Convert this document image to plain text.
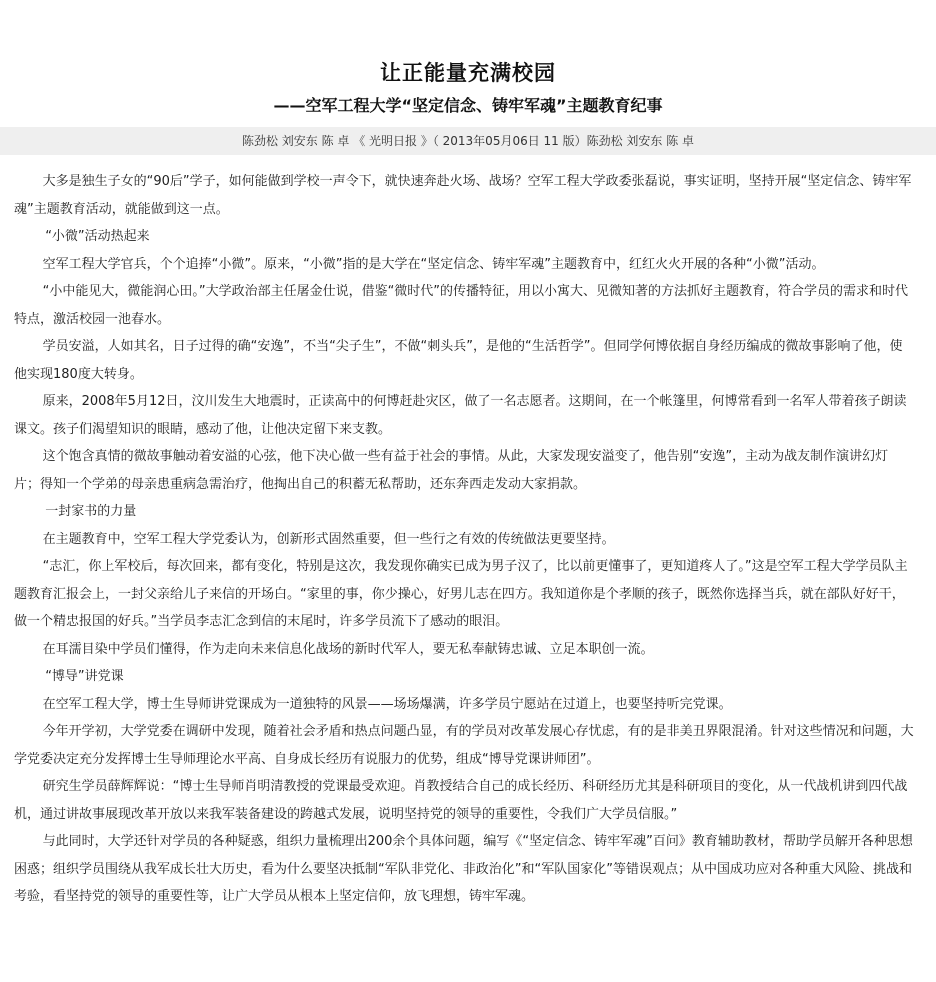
让正能量充满校园
——空军工程大学“坚定信念、铸牢军魂”主题教育纪事
陈劲松 刘安东 陈 卓 《 光明日报 》（ 2013年05月06日 11 版）陈劲松 刘安东 陈 卓

大多是独生子女的“90后”学子，如何能做到学校一声令下，就快速奔赴火场、战场？空军工程大学政委张磊说，事实证明，坚持开展“坚定信念、铸牢军魂”主题教育活动，就能做到这一点。

“小微”活动热起来

空军工程大学官兵，个个追捧“小微”。原来，“小微”指的是大学在“坚定信念、铸牢军魂”主题教育中，红红火火开展的各种“小微”活动。

“小中能见大，微能润心田。”大学政治部主任屠金仕说，借鉴“微时代”的传播特征，用以小寓大、见微知著的方法抓好主题教育，符合学员的需求和时代特点，激活校园一池春水。

学员安溢，人如其名，日子过得的确“安逸”，不当“尖子生”，不做“刺头兵”，是他的“生活哲学”。但同学何博依据自身经历编成的微故事影响了他，使他实现180度大转身。

原来，2008年5月12日，汶川发生大地震时，正读高中的何博赶赴灾区，做了一名志愿者。这期间，在一个帐篷里，何博常看到一名军人带着孩子朗读课文。孩子们渴望知识的眼睛，感动了他，让他决定留下来支教。

这个饱含真情的微故事触动着安溢的心弦，他下决心做一些有益于社会的事情。从此，大家发现安溢变了，他告别“安逸”，主动为战友制作演讲幻灯片；得知一个学弟的母亲患重病急需治疗，他掏出自己的积蓄无私帮助，还东奔西走发动大家捐款。

一封家书的力量

在主题教育中，空军工程大学党委认为，创新形式固然重要，但一些行之有效的传统做法更要坚持。

“志汇，你上军校后，每次回来，都有变化，特别是这次，我发现你确实已成为男子汉了，比以前更懂事了，更知道疼人了。”这是空军工程大学学员队主题教育汇报会上，一封父亲给儿子来信的开场白。“家里的事，你少操心，好男儿志在四方。我知道你是个孝顺的孩子，既然你选择当兵，就在部队好好干，做一个精忠报国的好兵。”当学员李志汇念到信的末尾时，许多学员流下了感动的眼泪。

在耳濡目染中学员们懂得，作为走向未来信息化战场的新时代军人，要无私奉献铸忠诚、立足本职创一流。

“博导”讲党课

在空军工程大学，博士生导师讲党课成为一道独特的风景——场场爆满，许多学员宁愿站在过道上，也要坚持听完党课。

今年开学初，大学党委在调研中发现，随着社会矛盾和热点问题凸显，有的学员对改革发展心存忧虑，有的是非美丑界限混淆。针对这些情况和问题，大学党委决定充分发挥博士生导师理论水平高、自身成长经历有说服力的优势，组成“博导党课讲师团”。

研究生学员薛辉辉说：“博士生导师肖明清教授的党课最受欢迎。肖教授结合自己的成长经历、科研经历尤其是科研项目的变化，从一代战机讲到四代战机，通过讲故事展现改革开放以来我军装备建设的跨越式发展，说明坚持党的领导的重要性，令我们广大学员信服。”

与此同时，大学还针对学员的各种疑惑，组织力量梳理出200余个具体问题，编写《“坚定信念、铸牢军魂”百问》教育辅助教材，帮助学员解开各种思想困惑；组织学员围绕从我军成长壮大历史，看为什么要坚决抵制“军队非党化、非政治化”和“军队国家化”等错误观点；从中国成功应对各种重大风险、挑战和考验，看坚持党的领导的重要性等，让广大学员从根本上坚定信仰，放飞理想，铸牢军魂。
